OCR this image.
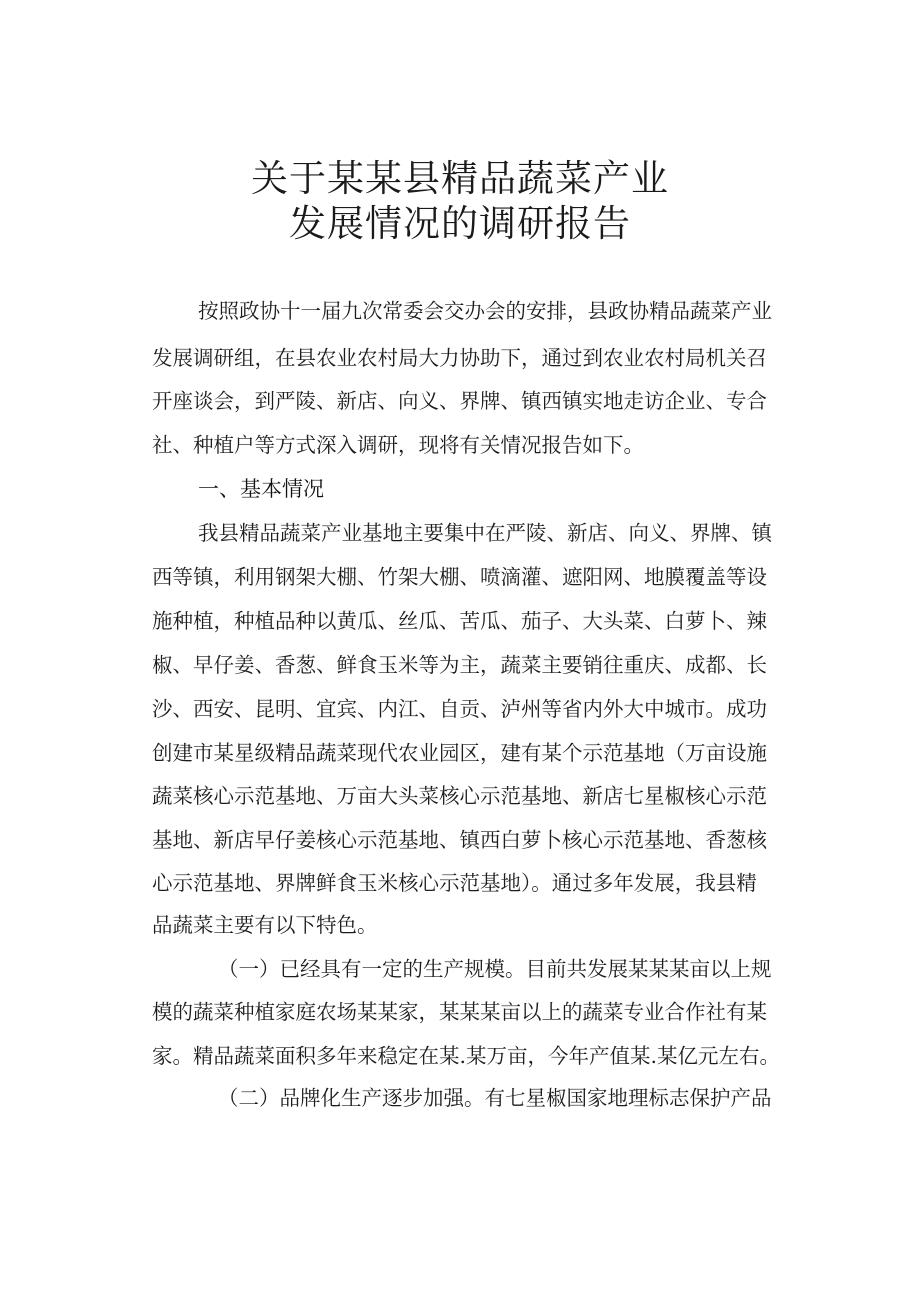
关于某某县精品蔬菜产业
发展情况的调研报告
按照政协十一届九次常委会交办会的安排，县政协精品蔬菜产业
发展调研组，在县农业农村局大力协助下，通过到农业农村局机关召
开座谈会，到严陵、新店、向义、界牌、镇西镇实地走访企业、专合
社、种植户等方式深入调研，现将有关情况报告如下。
一、基本情况
我县精品蔬菜产业基地主要集中在严陵、新店、向义、界牌、镇
西等镇，利用钢架大棚、竹架大棚、喷滴灌、遮阳网、地膜覆盖等设
施种植，种植品种以黄瓜、丝瓜、苦瓜、茄子、大头菜、白萝卜、辣
椒、早仔姜、香葱、鲜食玉米等为主，蔬菜主要销往重庆、成都、长
沙、西安、昆明、宜宾、内江、自贡、泸州等省内外大中城市。成功
创建市某星级精品蔬菜现代农业园区，建有某个示范基地（万亩设施
蔬菜核心示范基地、万亩大头菜核心示范基地、新店七星椒核心示范
基地、新店早仔姜核心示范基地、镇西白萝卜核心示范基地、香葱核
心示范基地、界牌鲜食玉米核心示范基地）。通过多年发展，我县精
品蔬菜主要有以下特色。
（一）已经具有一定的生产规模。目前共发展某某某亩以上规
模的蔬菜种植家庭农场某某家，某某某亩以上的蔬菜专业合作社有某
家。精品蔬菜面积多年来稳定在某.某万亩，今年产值某.某亿元左右。
（二）品牌化生产逐步加强。有七星椒国家地理标志保护产品
